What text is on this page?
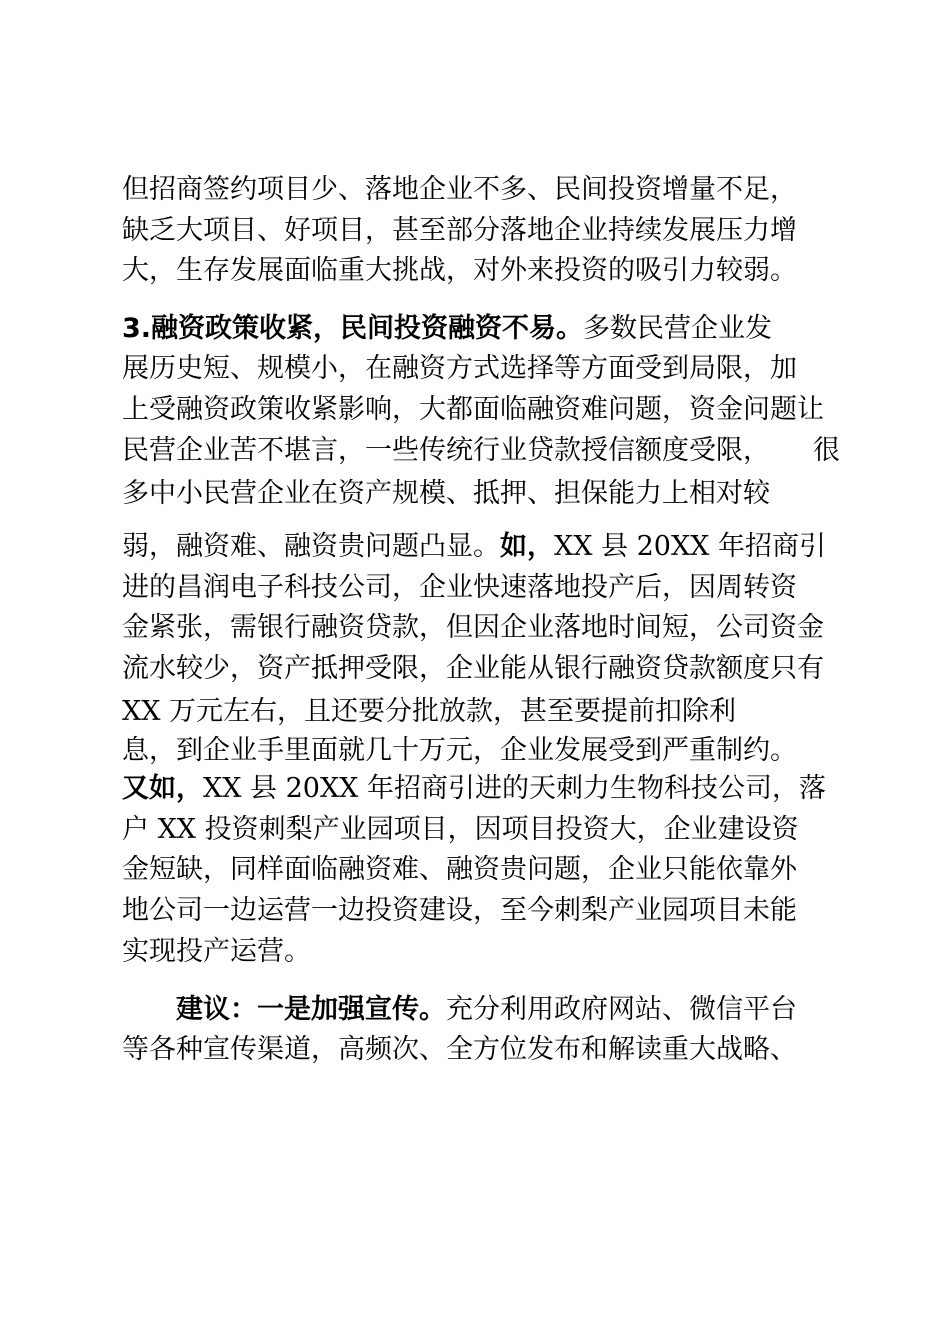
但招商签约项目少、落地企业不多、民间投资增量不足，
缺乏大项目、好项目，甚至部分落地企业持续发展压力增
大，生存发展面临重大挑战，对外来投资的吸引力较弱。
3.融资政策收紧，民间投资融资不易。多数民营企业发
展历史短、规模小，在融资方式选择等方面受到局限，加
上受融资政策收紧影响，大都面临融资难问题，资金问题让
民营企业苦不堪言，一些传统行业贷款授信额度受限， 很
多中小民营企业在资产规模、抵押、担保能力上相对较
弱，融资难、融资贵问题凸显。如，XX 县 20XX 年招商引
进的昌润电子科技公司，企业快速落地投产后，因周转资
金紧张，需银行融资贷款，但因企业落地时间短，公司资金
流水较少，资产抵押受限，企业能从银行融资贷款额度只有
XX 万元左右，且还要分批放款，甚至要提前扣除利
息，到企业手里面就几十万元，企业发展受到严重制约。
又如，XX 县 20XX 年招商引进的天刺力生物科技公司，落
户 XX 投资刺梨产业园项目，因项目投资大，企业建设资
金短缺，同样面临融资难、融资贵问题，企业只能依靠外
地公司一边运营一边投资建设，至今刺梨产业园项目未能
实现投产运营。
建议：一是加强宣传。充分利用政府网站、微信平台
等各种宣传渠道，高频次、全方位发布和解读重大战略、
